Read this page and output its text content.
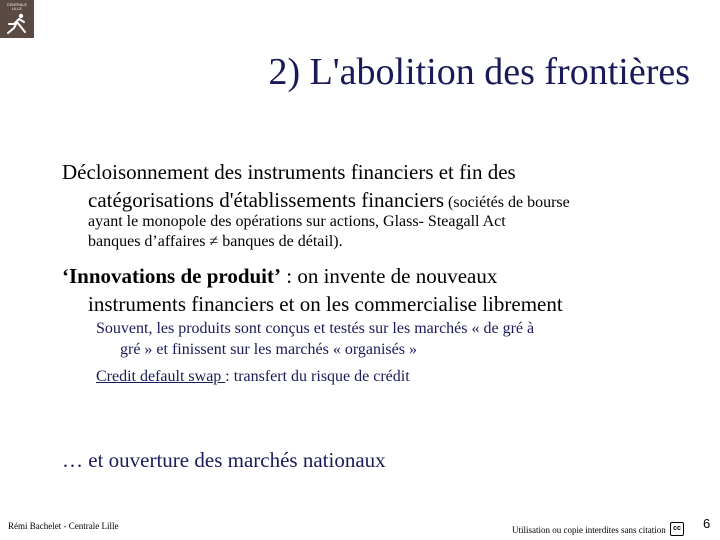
CENTRALE LILLE
2) L'abolition des frontières
Décloisonnement des instruments financiers et fin des
catégorisations d'établissements financiers (sociétés de bourse
ayant le monopole des opérations sur actions, Glass- Steagall Act
banques d’affaires ≠ banques de détail).
‘Innovations de produit’ : on invente de nouveaux
instruments financiers et on les commercialise librement
Souvent, les produits sont conçus et testés sur les marchés « de gré à
gré » et finissent sur les marchés « organisés »
Credit default swap : transfert du risque de crédit
… et ouverture des marchés nationaux
Rémi Bachelet - Centrale Lille	Utilisation ou copie interdites sans citation	cc 6
